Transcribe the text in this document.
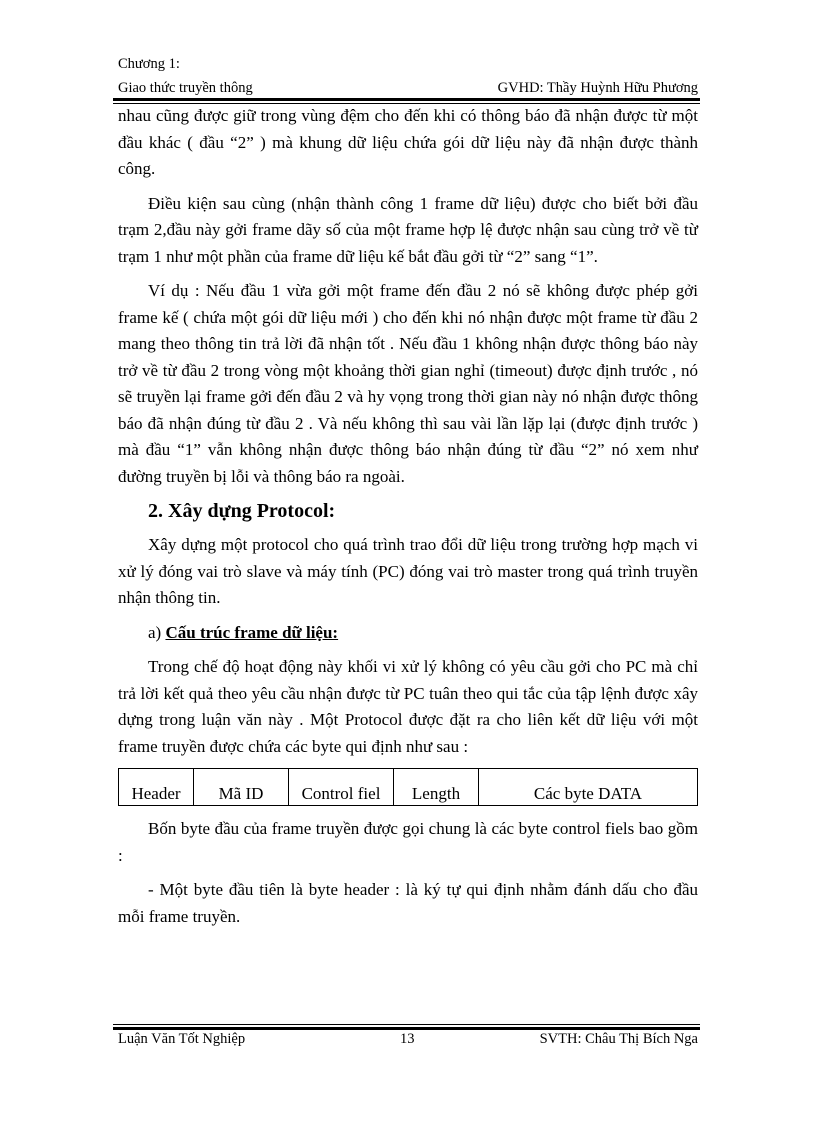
Chương 1:
Giao thức truyền thông	GVHD: Thầy Huỳnh Hữu Phương

nhau cũng được giữ trong vùng đệm cho đến khi có thông báo đã nhận được từ một đầu khác ( đầu “2” ) mà khung dữ liệu chứa gói dữ liệu này đã nhận được thành công.

Điều kiện sau cùng (nhận thành công 1 frame dữ liệu) được cho biết bởi đầu trạm 2,đầu này gởi frame dãy số của một frame hợp lệ được nhận sau cùng trở về từ trạm 1 như một phần của frame dữ liệu kế bắt đầu gởi từ “2” sang “1”.

Ví dụ : Nếu đầu 1 vừa gởi một frame đến đầu 2 nó sẽ không được phép gởi frame kế ( chứa một gói dữ liệu mới ) cho đến khi nó nhận được một frame từ đầu 2 mang theo thông tin trả lời đã nhận tốt . Nếu đầu 1 không nhận được thông báo này trở về từ đầu 2 trong vòng một khoảng thời gian nghỉ (timeout) được định trước , nó sẽ truyền lại frame gởi đến đầu 2 và hy vọng trong thời gian này nó nhận được thông báo đã nhận đúng từ đầu 2 . Và nếu không thì sau vài lần lặp lại (được định trước ) mà đầu “1” vẫn không nhận được thông báo nhận đúng từ đầu “2” nó xem như đường truyền bị lỗi và thông báo ra ngoài.

2. Xây dựng Protocol:

Xây dựng một protocol cho quá trình trao đổi dữ liệu trong trường hợp mạch vi xử lý đóng vai trò slave và máy tính (PC) đóng vai trò master trong quá trình truyền nhận thông tin.

a) Cấu trúc frame dữ liệu:

Trong chế độ hoạt động này khối vi xử lý không có yêu cầu gởi cho PC mà chỉ trả lời kết quả theo yêu cầu nhận được từ PC tuân theo qui tắc của tập lệnh được xây dựng trong luận văn này . Một Protocol được đặt ra cho liên kết dữ liệu với một frame truyền được chứa các byte qui định như sau :

Header	Mã ID	Control fiel	Length	Các byte DATA

Bốn byte đầu của frame truyền được gọi chung là các byte control fiels bao gồm :

- Một byte đầu tiên là byte header : là ký tự qui định nhằm đánh dấu cho đầu mỗi frame truyền.

Luận Văn Tốt Nghiệp	13	SVTH: Châu Thị Bích Nga
